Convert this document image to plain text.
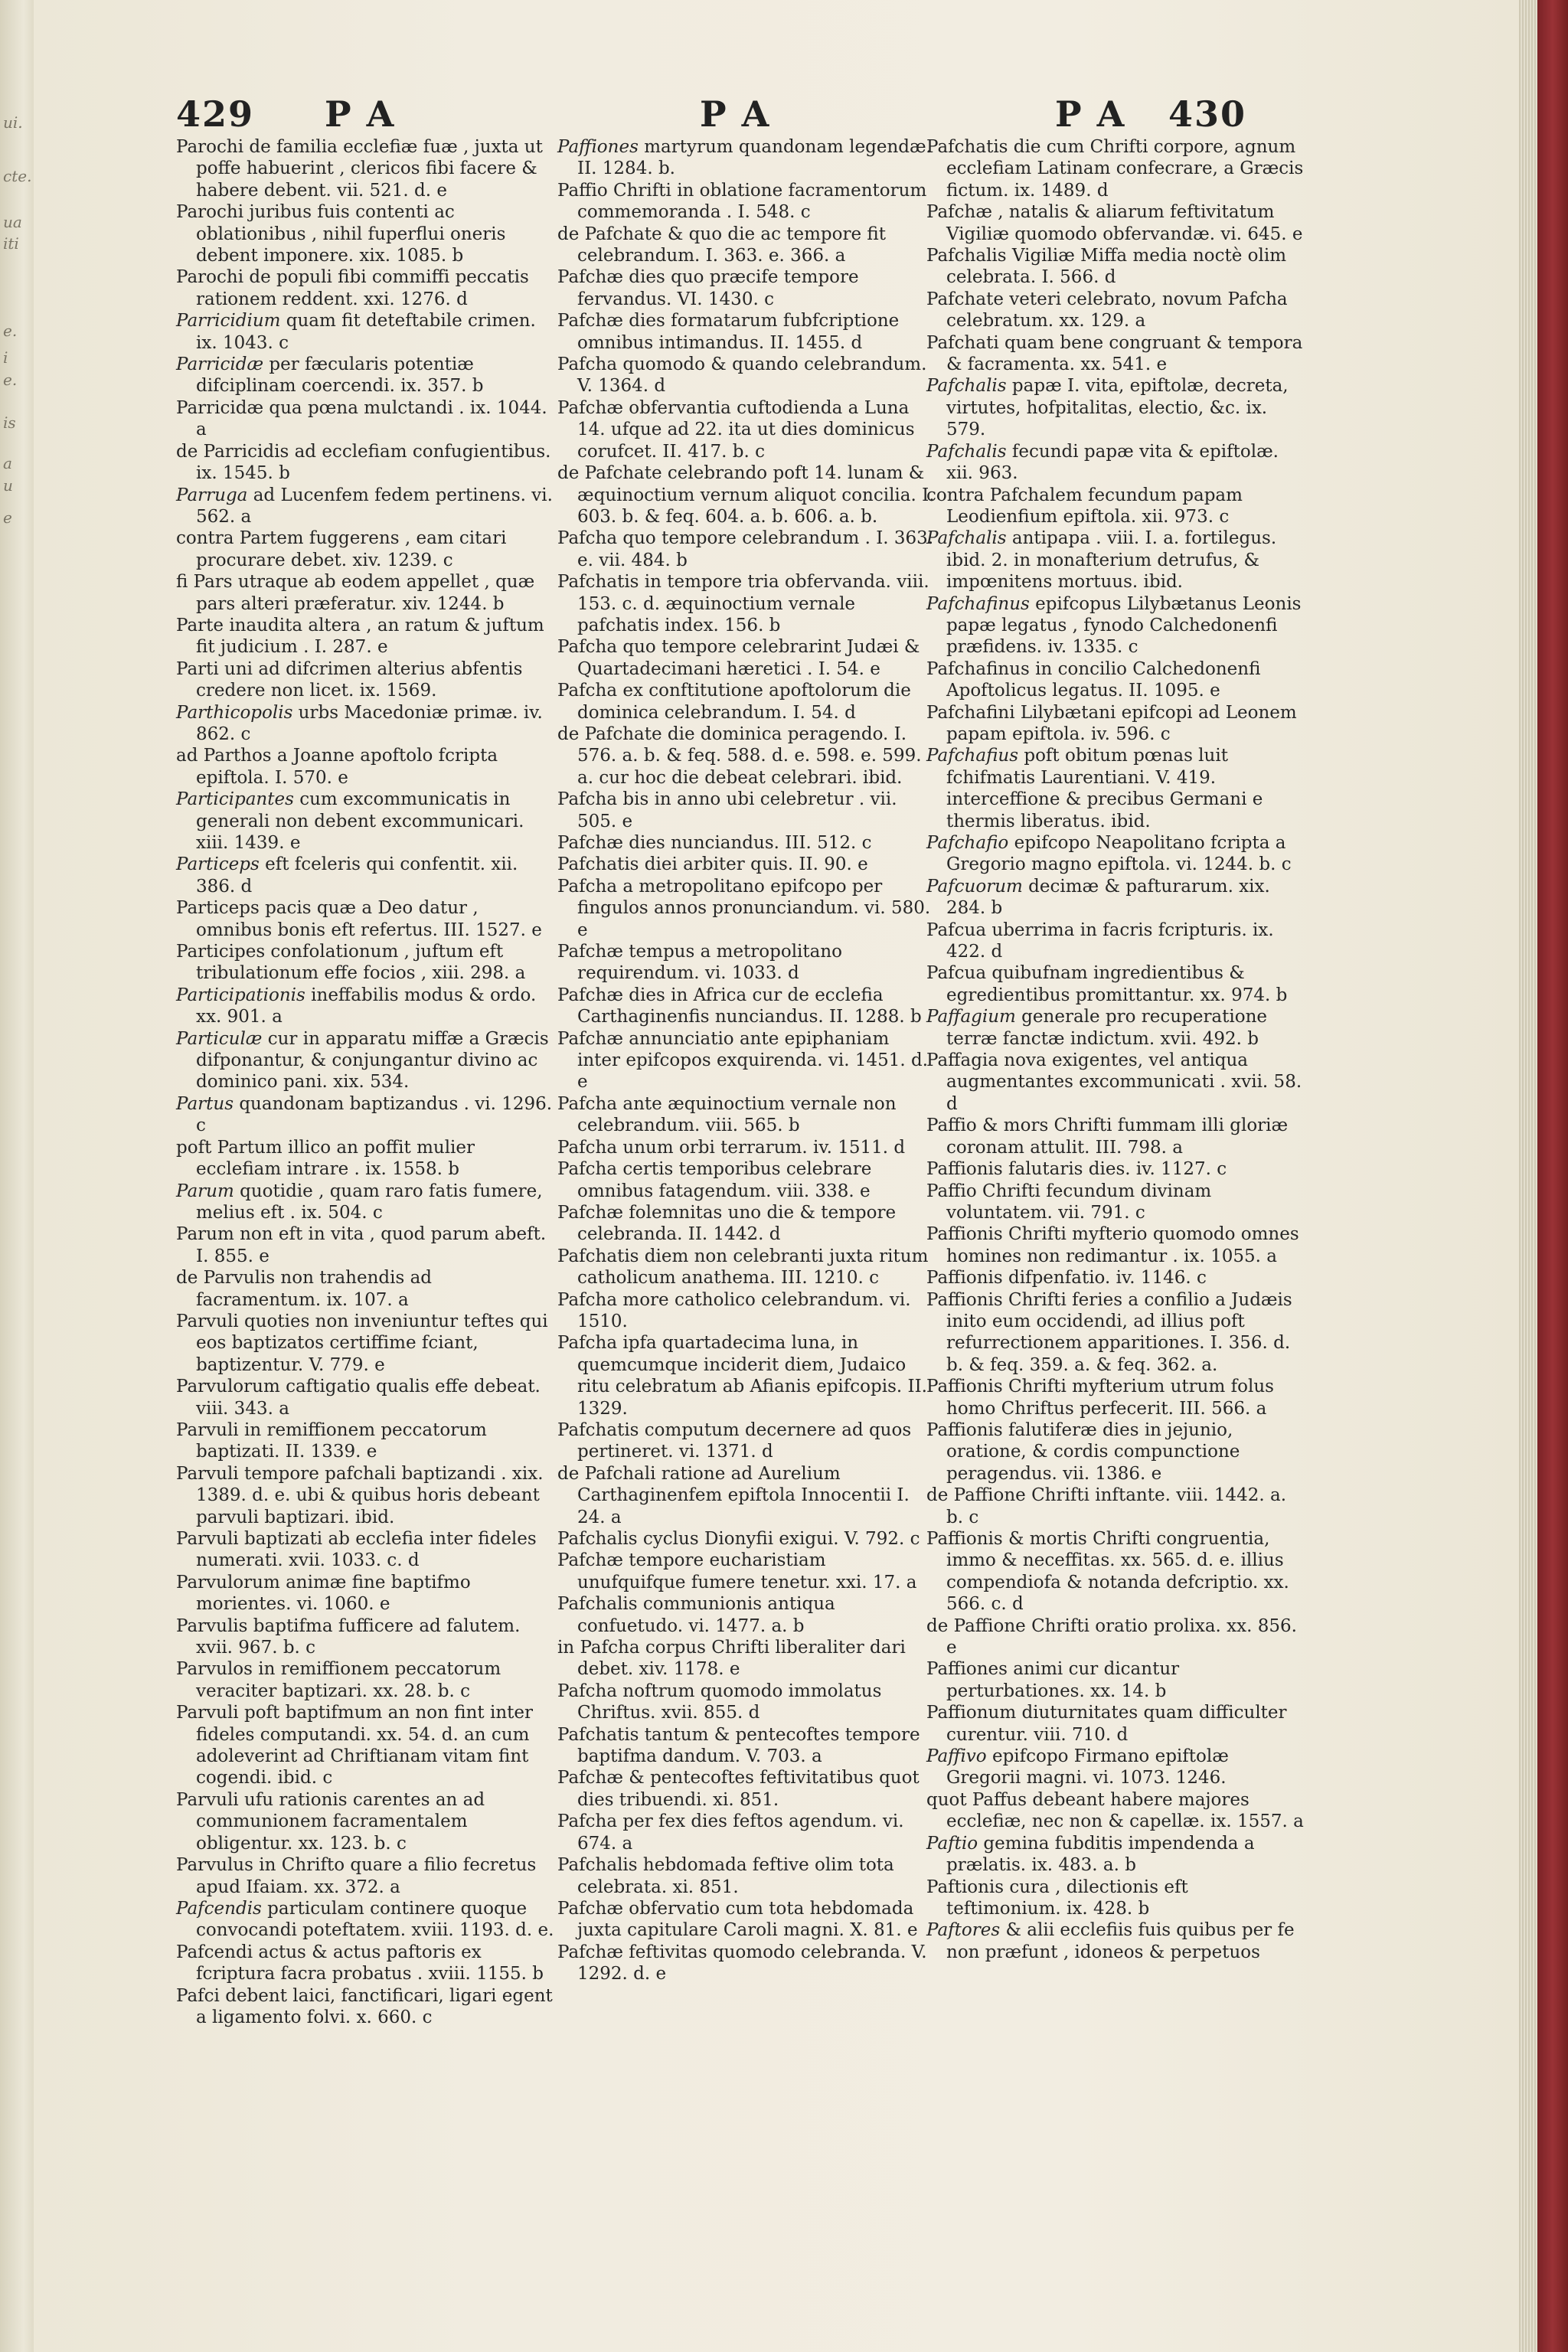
ui.
cte.
ua
iti
e.
i
e.
is
a
u
e
429 P A	P A	P A 430

Parochi de familia ecclefiæ fuæ , juxta ut poffe habuerint , clericos fibi facere & habere debent. vii. 521. d. e

Parochi juribus fuis contenti ac oblationibus , nihil fuperflui oneris debent imponere. xix. 1085. b

Parochi de populi fibi commiffi peccatis rationem reddent. xxi. 1276. d

Parricidium quam fit deteftabile crimen. ix. 1043. c

Parricidæ per fæcularis potentiæ difciplinam coercendi. ix. 357. b

Parricidæ qua pœna mulctandi . ix. 1044. a

de Parricidis ad ecclefiam confugientibus. ix. 1545. b

Parruga ad Lucenfem fedem pertinens. vi. 562. a

contra Partem fuggerens , eam citari procurare debet. xiv. 1239. c

fi Pars utraque ab eodem appellet , quæ pars alteri præferatur. xiv. 1244. b

Parte inaudita altera , an ratum & juftum fit judicium . I. 287. e

Parti uni ad difcrimen alterius abfentis credere non licet. ix. 1569.

Parthicopolis urbs Macedoniæ primæ. iv. 862. c

ad Parthos a Joanne apoftolo fcripta epiftola. I. 570. e

Participantes cum excommunicatis in generali non debent excommunicari. xiii. 1439. e

Particeps eft fceleris qui confentit. xii. 386. d

Particeps pacis quæ a Deo datur , omnibus bonis eft refertus. III. 1527. e

Participes confolationum , juftum eft tribulationum effe focios , xiii. 298. a

Participationis ineffabilis modus & ordo. xx. 901. a

Particulæ cur in apparatu miffæ a Græcis difponantur, & conjungantur divino ac dominico pani. xix. 534.

Partus quandonam baptizandus . vi. 1296. c

poft Partum illico an poffit mulier ecclefiam intrare . ix. 1558. b

Parum quotidie , quam raro fatis fumere, melius eft . ix. 504. c

Parum non eft in vita , quod parum abeft. I. 855. e

de Parvulis non trahendis ad facramentum. ix. 107. a

Parvuli quoties non inveniuntur teftes qui eos baptizatos certiffime fciant, baptizentur. V. 779. e

Parvulorum caftigatio qualis effe debeat. viii. 343. a

Parvuli in remiffionem peccatorum baptizati. II. 1339. e

Parvuli tempore pafchali baptizandi . xix. 1389. d. e. ubi & quibus horis debeant parvuli baptizari. ibid.

Parvuli baptizati ab ecclefia inter fideles numerati. xvii. 1033. c. d

Parvulorum animæ fine baptifmo morientes. vi. 1060. e

Parvulis baptifma fufficere ad falutem. xvii. 967. b. c

Parvulos in remiffionem peccatorum veraciter baptizari. xx. 28. b. c

Parvuli poft baptifmum an non fint inter fideles computandi. xx. 54. d. an cum adoleverint ad Chriftianam vitam fint cogendi. ibid. c

Parvuli ufu rationis carentes an ad communionem facramentalem obligentur. xx. 123. b. c

Parvulus in Chrifto quare a filio fecretus apud Ifaiam. xx. 372. a

Pafcendis particulam continere quoque convocandi poteftatem. xviii. 1193. d. e.

Pafcendi actus & actus paftoris ex fcriptura facra probatus . xviii. 1155. b

Pafci debent laici, fanctificari, ligari egent a ligamento folvi. x. 660. c

Paffiones martyrum quandonam legendæ. II. 1284. b.

Paffio Chrifti in oblatione facramentorum commemoranda . I. 548. c

de Pafchate & quo die ac tempore fit celebrandum. I. 363. e. 366. a

Pafchæ dies quo præcife tempore fervandus. VI. 1430. c

Pafchæ dies formatarum fubfcriptione omnibus intimandus. II. 1455. d

Pafcha quomodo & quando celebrandum. V. 1364. d

Pafchæ obfervantia cuftodienda a Luna 14. ufque ad 22. ita ut dies dominicus corufcet. II. 417. b. c

de Pafchate celebrando poft 14. lunam & æquinoctium vernum aliquot concilia. I. 603. b. & feq. 604. a. b. 606. a. b.

Pafcha quo tempore celebrandum . I. 363. e. vii. 484. b

Pafchatis in tempore tria obfervanda. viii. 153. c. d. æquinoctium vernale pafchatis index. 156. b

Pafcha quo tempore celebrarint Judæi & Quartadecimani hæretici . I. 54. e

Pafcha ex conftitutione apoftolorum die dominica celebrandum. I. 54. d

de Pafchate die dominica peragendo. I. 576. a. b. & feq. 588. d. e. 598. e. 599. a. cur hoc die debeat celebrari. ibid.

Pafcha bis in anno ubi celebretur . vii. 505. e

Pafchæ dies nunciandus. III. 512. c

Pafchatis diei arbiter quis. II. 90. e

Pafcha a metropolitano epifcopo per fingulos annos pronunciandum. vi. 580. e

Pafchæ tempus a metropolitano requirendum. vi. 1033. d

Pafchæ dies in Africa cur de ecclefia Carthaginenfis nunciandus. II. 1288. b

Pafchæ annunciatio ante epiphaniam inter epifcopos exquirenda. vi. 1451. d. e

Pafcha ante æquinoctium vernale non celebrandum. viii. 565. b

Pafcha unum orbi terrarum. iv. 1511. d

Pafcha certis temporibus celebrare omnibus fatagendum. viii. 338. e

Pafchæ folemnitas uno die & tempore celebranda. II. 1442. d

Pafchatis diem non celebranti juxta ritum catholicum anathema. III. 1210. c

Pafcha more catholico celebrandum. vi. 1510.

Pafcha ipfa quartadecima luna, in quemcumque inciderit diem, Judaico ritu celebratum ab Afianis epifcopis. II. 1329.

Pafchatis computum decernere ad quos pertineret. vi. 1371. d

de Pafchali ratione ad Aurelium Carthaginenfem epiftola Innocentii I. 24. a

Pafchalis cyclus Dionyfii exigui. V. 792. c

Pafchæ tempore eucharistiam unufquifque fumere tenetur. xxi. 17. a

Pafchalis communionis antiqua confuetudo. vi. 1477. a. b

in Pafcha corpus Chrifti liberaliter dari debet. xiv. 1178. e

Pafcha noftrum quomodo immolatus Chriftus. xvii. 855. d

Pafchatis tantum & pentecoftes tempore baptifma dandum. V. 703. a

Pafchæ & pentecoftes feftivitatibus quot dies tribuendi. xi. 851.

Pafcha per fex dies feftos agendum. vi. 674. a

Pafchalis hebdomada feftive olim tota celebrata. xi. 851.

Pafchæ obfervatio cum tota hebdomada juxta capitulare Caroli magni. X. 81. e

Pafchæ feftivitas quomodo celebranda. V. 1292. d. e

Pafchatis die cum Chrifti corpore, agnum ecclefiam Latinam confecrare, a Græcis fictum. ix. 1489. d

Pafchæ , natalis & aliarum feftivitatum Vigiliæ quomodo obfervandæ. vi. 645. e

Pafchalis Vigiliæ Miffa media noctè olim celebrata. I. 566. d

Pafchate veteri celebrato, novum Pafcha celebratum. xx. 129. a

Pafchati quam bene congruant & tempora & facramenta. xx. 541. e

Pafchalis papæ I. vita, epiftolæ, decreta, virtutes, hofpitalitas, electio, &c. ix. 579.

Pafchalis fecundi papæ vita & epiftolæ. xii. 963.

contra Pafchalem fecundum papam Leodienfium epiftola. xii. 973. c

Pafchalis antipapa . viii. I. a. fortilegus. ibid. 2. in monafterium detrufus, & impœnitens mortuus. ibid.

Pafchafinus epifcopus Lilybætanus Leonis papæ legatus , fynodo Calchedonenfi præfidens. iv. 1335. c

Pafchafinus in concilio Calchedonenfi Apoftolicus legatus. II. 1095. e

Pafchafini Lilybætani epifcopi ad Leonem papam epiftola. iv. 596. c

Pafchafius poft obitum pœnas luit fchifmatis Laurentiani. V. 419. interceffione & precibus Germani e thermis liberatus. ibid.

Pafchafio epifcopo Neapolitano fcripta a Gregorio magno epiftola. vi. 1244. b. c

Pafcuorum decimæ & pafturarum. xix. 284. b

Pafcua uberrima in facris fcripturis. ix. 422. d

Pafcua quibufnam ingredientibus & egredientibus promittantur. xx. 974. b

Paffagium generale pro recuperatione terræ fanctæ indictum. xvii. 492. b

Paffagia nova exigentes, vel antiqua augmentantes excommunicati . xvii. 58. d

Paffio & mors Chrifti fummam illi gloriæ coronam attulit. III. 798. a

Paffionis falutaris dies. iv. 1127. c

Paffio Chrifti fecundum divinam voluntatem. vii. 791. c

Paffionis Chrifti myfterio quomodo omnes homines non redimantur . ix. 1055. a

Paffionis difpenfatio. iv. 1146. c

Paffionis Chrifti feries a confilio a Judæis inito eum occidendi, ad illius poft refurrectionem apparitiones. I. 356. d. b. & feq. 359. a. & feq. 362. a.

Paffionis Chrifti myfterium utrum folus homo Chriftus perfecerit. III. 566. a

Paffionis falutiferæ dies in jejunio, oratione, & cordis compunctione peragendus. vii. 1386. e

de Paffione Chrifti inftante. viii. 1442. a. b. c

Paffionis & mortis Chrifti congruentia, immo & neceffitas. xx. 565. d. e. illius compendiofa & notanda defcriptio. xx. 566. c. d

de Paffione Chrifti oratio prolixa. xx. 856. e

Paffiones animi cur dicantur perturbationes. xx. 14. b

Paffionum diuturnitates quam difficulter curentur. viii. 710. d

Paffivo epifcopo Firmano epiftolæ Gregorii magni. vi. 1073. 1246.

quot Paffus debeant habere majores ecclefiæ, nec non & capellæ. ix. 1557. a

Paftio gemina fubditis impendenda a prælatis. ix. 483. a. b

Paftionis cura , dilectionis eft teftimonium. ix. 428. b

Paftores & alii ecclefiis fuis quibus per fe non præfunt , idoneos & perpetuos
